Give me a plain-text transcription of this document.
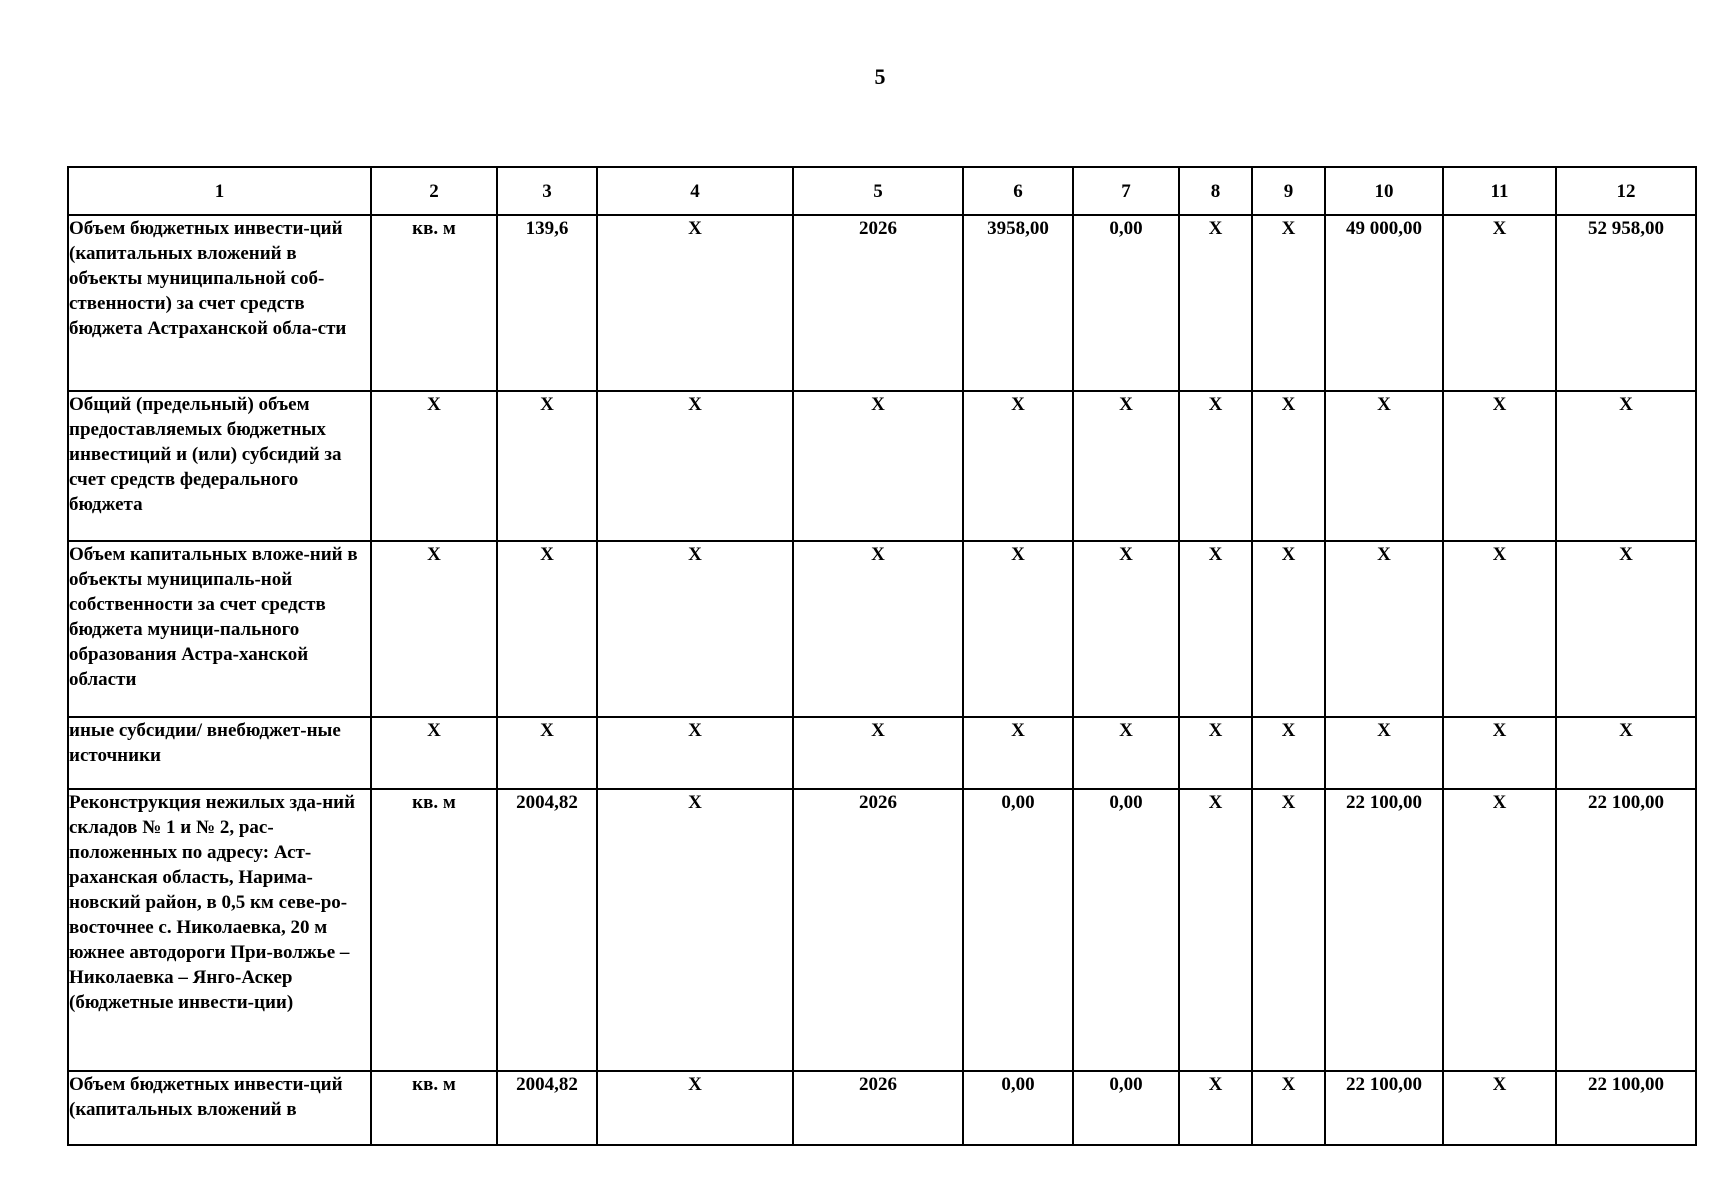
5
1	2	3	4	5	6	7	8	9	10	11	12
Объем бюджетных инвести-ций (капитальных вложений в объекты муниципальной соб-ственности) за счет средств бюджета Астраханской обла-сти	кв. м	139,6	Х	2026	3958,00	0,00	Х	Х	49 000,00	Х	52 958,00
Общий (предельный) объем предоставляемых бюджетных инвестиций и (или) субсидий за счет средств федерального бюджета	Х	Х	Х	Х	Х	Х	Х	Х	Х	Х	Х
Объем капитальных вложе-ний в объекты муниципаль-ной собственности за счет средств бюджета муници-пального образования Астра-ханской области	Х	Х	Х	Х	Х	Х	Х	Х	Х	Х	Х
иные субсидии/ внебюджет-ные источники	Х	Х	Х	Х	Х	Х	Х	Х	Х	Х	Х
Реконструкция нежилых зда-ний складов № 1 и № 2, рас-положенных по адресу: Аст-раханская область, Нарима-новский район, в 0,5 км севе-ро-восточнее с. Николаевка, 20 м южнее автодороги При-волжье – Николаевка – Янго-Аскер (бюджетные инвести-ции)	кв. м	2004,82	Х	2026	0,00	0,00	Х	Х	22 100,00	Х	22 100,00
Объем бюджетных инвести-ций (капитальных вложений в	кв. м	2004,82	Х	2026	0,00	0,00	Х	Х	22 100,00	Х	22 100,00
